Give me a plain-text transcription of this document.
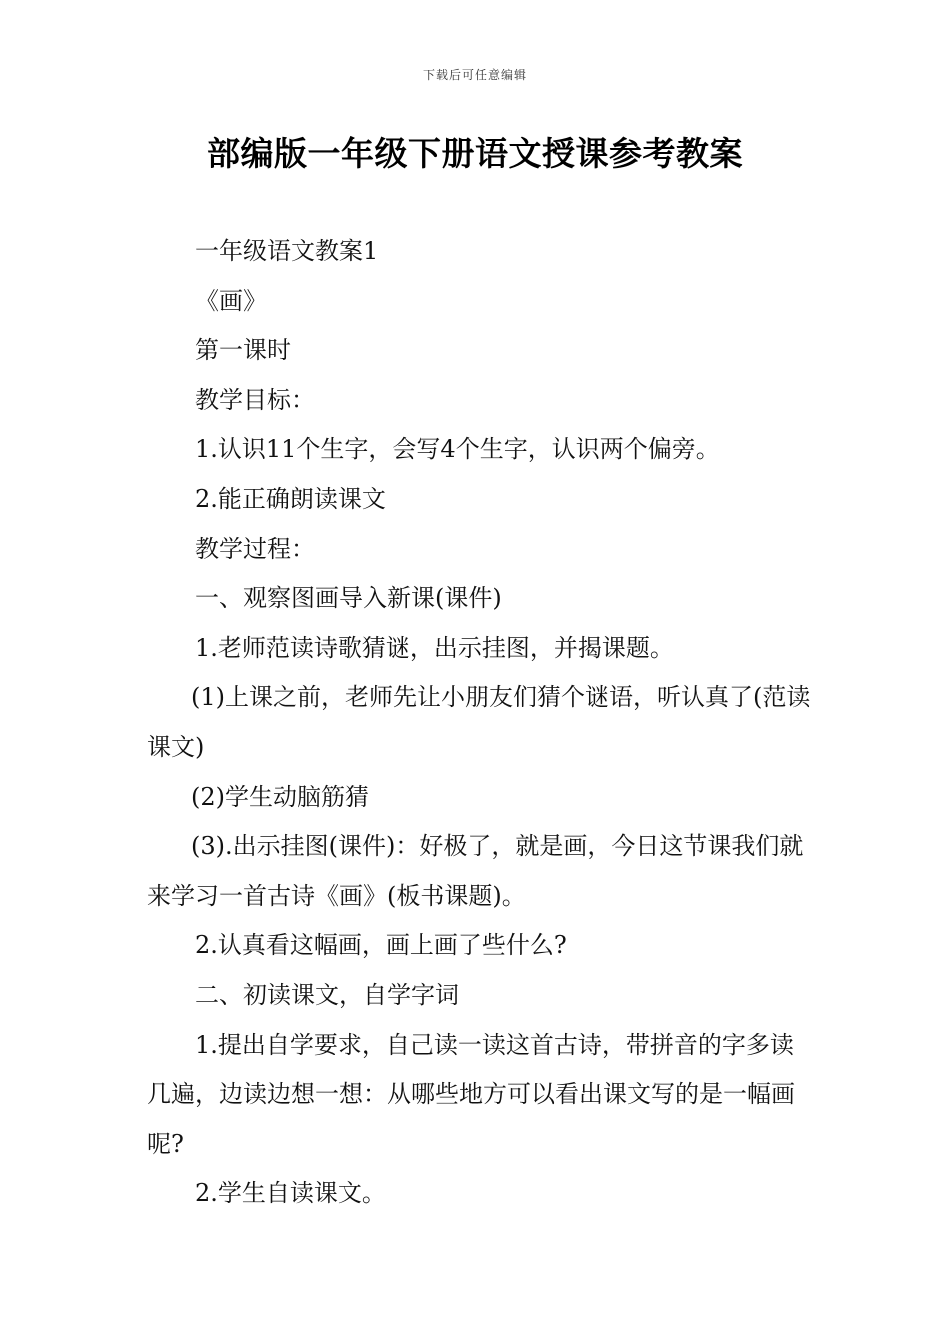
下载后可任意编辑
部编版一年级下册语文授课参考教案

一年级语文教案1

《画》

第一课时

教学目标：

1.认识11个生字，会写4个生字，认识两个偏旁。

2.能正确朗读课文

教学过程：

一、观察图画导入新课(课件)

1.老师范读诗歌猜谜，出示挂图，并揭课题。

(1)上课之前，老师先让小朋友们猜个谜语，听认真了(范读课文)

(2)学生动脑筋猜

(3).出示挂图(课件)：好极了，就是画，今日这节课我们就来学习一首古诗《画》(板书课题)。

2.认真看这幅画，画上画了些什么?

二、初读课文，自学字词

1.提出自学要求，自己读一读这首古诗，带拼音的字多读几遍，边读边想一想：从哪些地方可以看出课文写的是一幅画呢?

2.学生自读课文。
